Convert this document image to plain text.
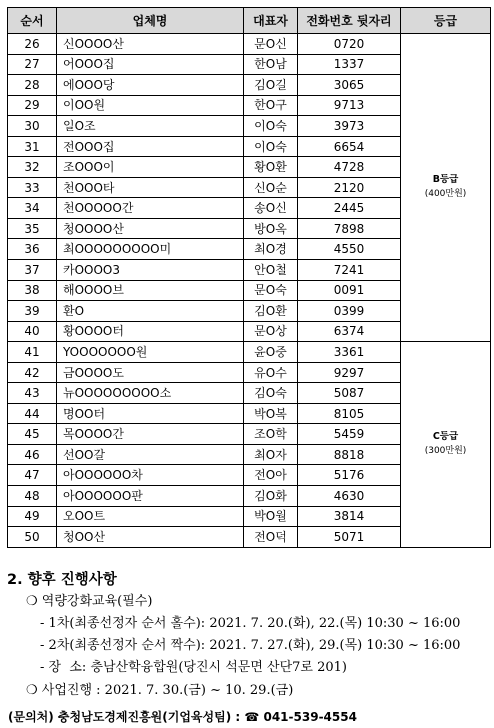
순서	업체명	대표자	전화번호 뒷자리	등급
26	신OOOO산	문O신	0720	B등급
(400만원)
27	어OOO집	한O남	1337	
28	에OOO당	김O길	3065	
29	이OO원	한O구	9713	
30	일O조	이O숙	3973	
31	전OOO집	이O숙	6654	
32	조OOO이	황O환	4728	
33	천OOO타	신O순	2120	
34	천OOOOO간	송O신	2445	
35	청OOOO산	방O옥	7898	
36	최OOOOOOOOO미	최O경	4550	
37	카OOOO3	안O철	7241	
38	해OOOO브	문O숙	0091	
39	환O	김O환	0399	
40	황OOOO터	문O상	6374	
41	YOOOOOOO원	윤O중	3361	C등급
(300만원)
42	금OOOO도	유O수	9297	
43	뉴OOOOOOOOO소	김O숙	5087	
44	명OO터	박O복	8105	
45	목OOOO간	조O학	5459	
46	선OO갈	최O자	8818	
47	아OOOOOO차	전O아	5176	
48	아OOOOOO판	김O화	4630	
49	오OO트	박O월	3814	
50	청OO산	전O덕	5071	
2. 향후 진행사항
❍ 역량강화교육(필수)
- 1차(최종선정자 순서 홀수): 2021. 7. 20.(화), 22.(목) 10:30 ~ 16:00
- 2차(최종선정자 순서 짝수): 2021. 7. 27.(화), 29.(목) 10:30 ~ 16:00
- 장  소: 충남산학융합원(당진시 석문면 산단7로 201)
❍ 사업진행 : 2021. 7. 30.(금) ~ 10. 29.(금)
(문의처) 충청남도경제진흥원(기업육성팀) : ☎ 041-539-4554
